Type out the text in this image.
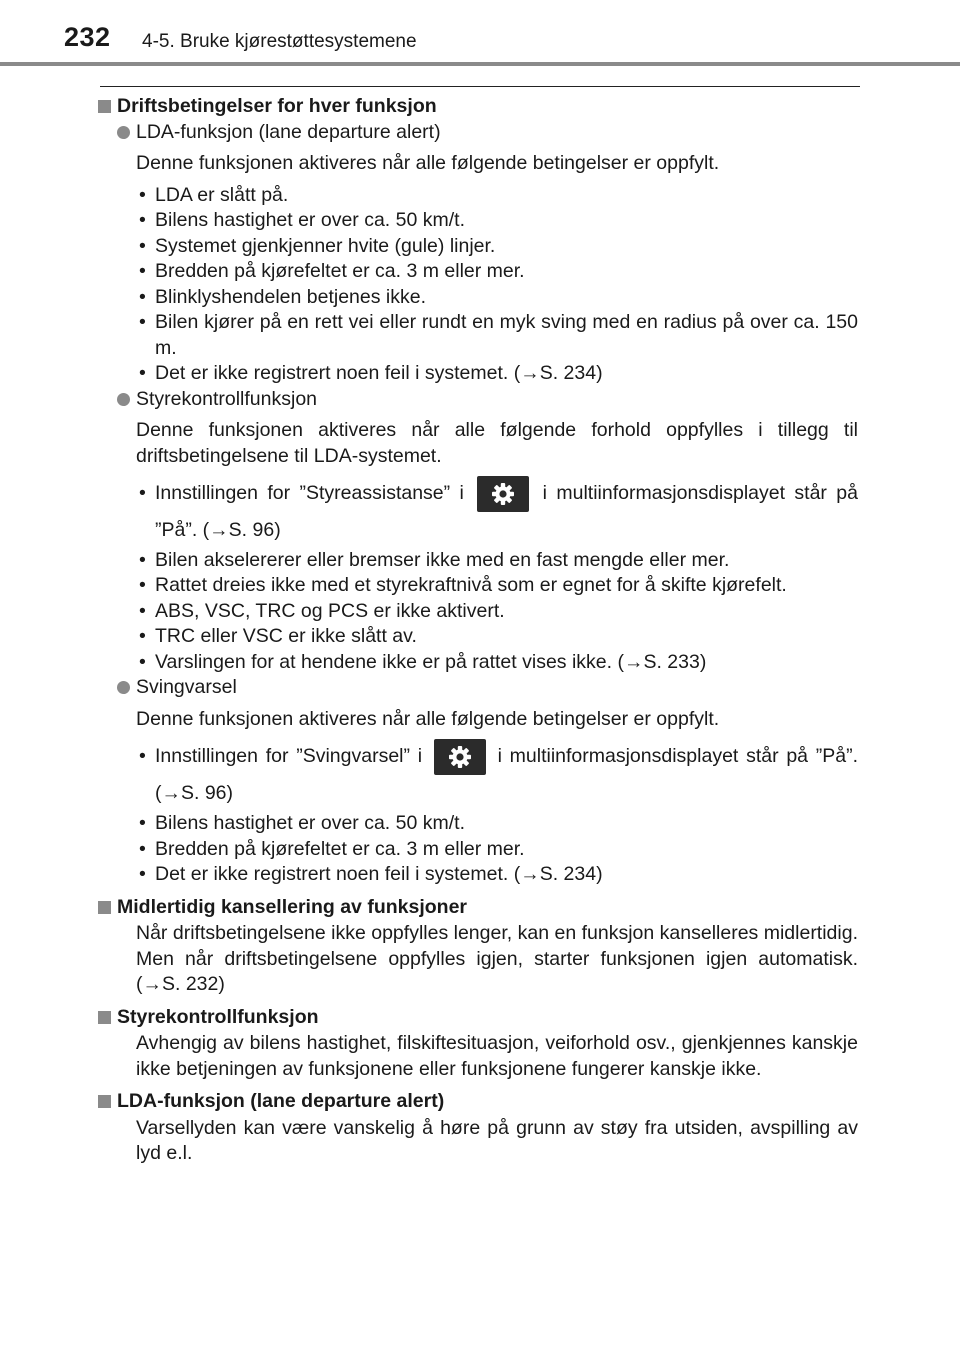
232 4-5. Bruke kjørestøttesystemene
Driftsbetingelser for hver funksjon
LDA-funksjon (lane departure alert)
Denne funksjonen aktiveres når alle følgende betingelser er oppfylt.
• LDA er slått på.
• Bilens hastighet er over ca. 50 km/t.
• Systemet gjenkjenner hvite (gule) linjer.
• Bredden på kjørefeltet er ca. 3 m eller mer.
• Blinklyshendelen betjenes ikke.
• Bilen kjører på en rett vei eller rundt en myk sving med en radius på over ca. 150 m.
• Det er ikke registrert noen feil i systemet. (→S. 234)
Styrekontrollfunksjon
Denne funksjonen aktiveres når alle følgende forhold oppfylles i tillegg til driftsbetingelsene til LDA-systemet.
• Innstillingen for ”Styreassistanse” i	i multiinformasjonsdisplayet står på ”På”. (→S. 96)
• Bilen akselererer eller bremser ikke med en fast mengde eller mer.
• Rattet dreies ikke med et styrekraftnivå som er egnet for å skifte kjørefelt.
• ABS, VSC, TRC og PCS er ikke aktivert.
• TRC eller VSC er ikke slått av.
• Varslingen for at hendene ikke er på rattet vises ikke. (→S. 233)
Svingvarsel
Denne funksjonen aktiveres når alle følgende betingelser er oppfylt.
• Innstillingen for ”Svingvarsel” i	i multiinformasjonsdisplayet står på ”På”. (→S. 96)
• Bilens hastighet er over ca. 50 km/t.
• Bredden på kjørefeltet er ca. 3 m eller mer.
• Det er ikke registrert noen feil i systemet. (→S. 234)
Midlertidig kansellering av funksjoner
Når driftsbetingelsene ikke oppfylles lenger, kan en funksjon kanselleres midlertidig. Men når driftsbetingelsene oppfylles igjen, starter funksjonen igjen automatisk. (→S. 232)
Styrekontrollfunksjon
Avhengig av bilens hastighet, filskiftesituasjon, veiforhold osv., gjenkjennes kanskje ikke betjeningen av funksjonene eller funksjonene fungerer kanskje ikke.
LDA-funksjon (lane departure alert)
Varsellyden kan være vanskelig å høre på grunn av støy fra utsiden, avspilling av lyd e.l.
